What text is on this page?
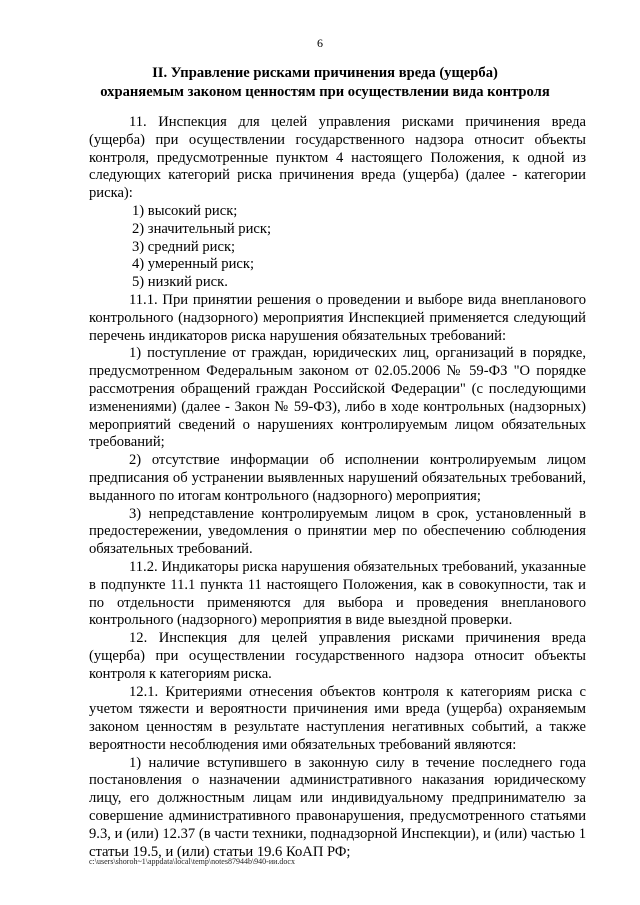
6
II. Управление рисками причинения вреда (ущерба)
охраняемым законом ценностям при осуществлении вида контроля

11. Инспекция для целей управления рисками причинения вреда (ущерба) при осуществлении государственного надзора относит объекты контроля, предусмотренные пунктом 4 настоящего Положения, к одной из следующих категорий риска причинения вреда (ущерба) (далее - категории риска):

1) высокий риск;

2) значительный риск;

3) средний риск;

4) умеренный риск;

5) низкий риск.

11.1. При принятии решения о проведении и выборе вида внепланового контрольного (надзорного) мероприятия Инспекцией применяется следующий перечень индикаторов риска нарушения обязательных требований:

1) поступление от граждан, юридических лиц, организаций в порядке, предусмотренном Федеральным законом от 02.05.2006 № 59-ФЗ "О порядке рассмотрения обращений граждан Российской Федерации" (с последующими изменениями) (далее - Закон № 59-ФЗ), либо в ходе контрольных (надзорных) мероприятий сведений о нарушениях контролируемым лицом обязательных требований;

2) отсутствие информации об исполнении контролируемым лицом предписания об устранении выявленных нарушений обязательных требований, выданного по итогам контрольного (надзорного) мероприятия;

3) непредставление контролируемым лицом в срок, установленный в предостережении, уведомления о принятии мер по обеспечению соблюдения обязательных требований.

11.2. Индикаторы риска нарушения обязательных требований, указанные в подпункте 11.1 пункта 11 настоящего Положения, как в совокупности, так и по отдельности применяются для выбора и проведения внепланового контрольного (надзорного) мероприятия в виде выездной проверки.

12. Инспекция для целей управления рисками причинения вреда (ущерба) при осуществлении государственного надзора относит объекты контроля к категориям риска.

12.1. Критериями отнесения объектов контроля к категориям риска с учетом тяжести и вероятности причинения ими вреда (ущерба) охраняемым законом ценностям в результате наступления негативных событий, а также вероятности несоблюдения ими обязательных требований являются:

1) наличие вступившего в законную силу в течение последнего года постановления о назначении административного наказания юридическому лицу, его должностным лицам или индивидуальному предпринимателю за совершение административного правонарушения, предусмотренного статьями 9.3, и (или) 12.37 (в части техники, поднадзорной Инспекции), и (или) частью 1 статьи 19.5, и (или) статьи 19.6 КоАП РФ;

c:\users\shoroh~1\appdata\local\temp\notes87944b\940-ии.docx
